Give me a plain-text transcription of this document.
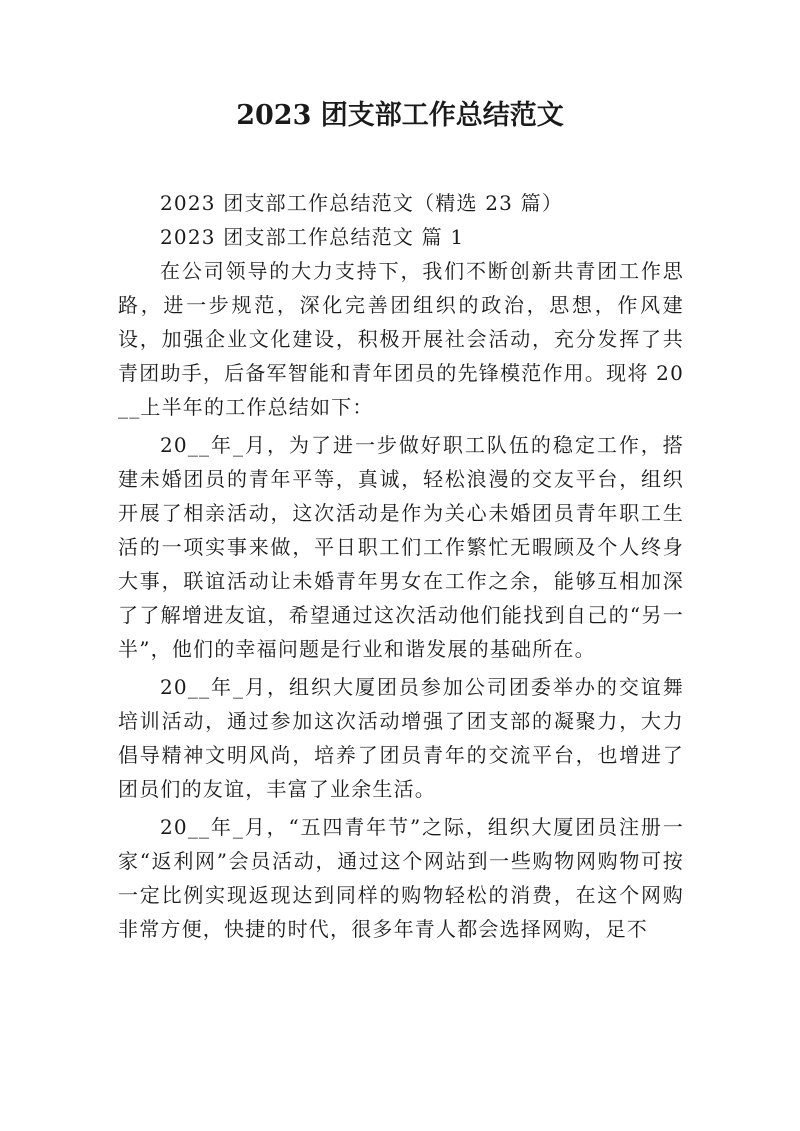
2023 团支部工作总结范文

2023 团支部工作总结范文（精选 23 篇）

2023 团支部工作总结范文 篇 1

在公司领导的大力支持下，我们不断创新共青团工作思路，进一步规范，深化完善团组织的政治，思想，作风建设，加强企业文化建设，积极开展社会活动，充分发挥了共青团助手，后备军智能和青年团员的先锋模范作用。现将 20__上半年的工作总结如下：

20__年_月，为了进一步做好职工队伍的稳定工作，搭建未婚团员的青年平等，真诚，轻松浪漫的交友平台，组织开展了相亲活动，这次活动是作为关心未婚团员青年职工生活的一项实事来做，平日职工们工作繁忙无暇顾及个人终身大事，联谊活动让未婚青年男女在工作之余，能够互相加深了了解增进友谊，希望通过这次活动他们能找到自己的“另一半”，他们的幸福问题是行业和谐发展的基础所在。

20__年_月，组织大厦团员参加公司团委举办的交谊舞培训活动，通过参加这次活动增强了团支部的凝聚力，大力倡导精神文明风尚，培养了团员青年的交流平台，也增进了团员们的友谊，丰富了业余生活。

20__年_月，“五四青年节”之际，组织大厦团员注册一家“返利网”会员活动，通过这个网站到一些购物网购物可按一定比例实现返现达到同样的购物轻松的消费，在这个网购非常方便，快捷的时代，很多年青人都会选择网购，足不
